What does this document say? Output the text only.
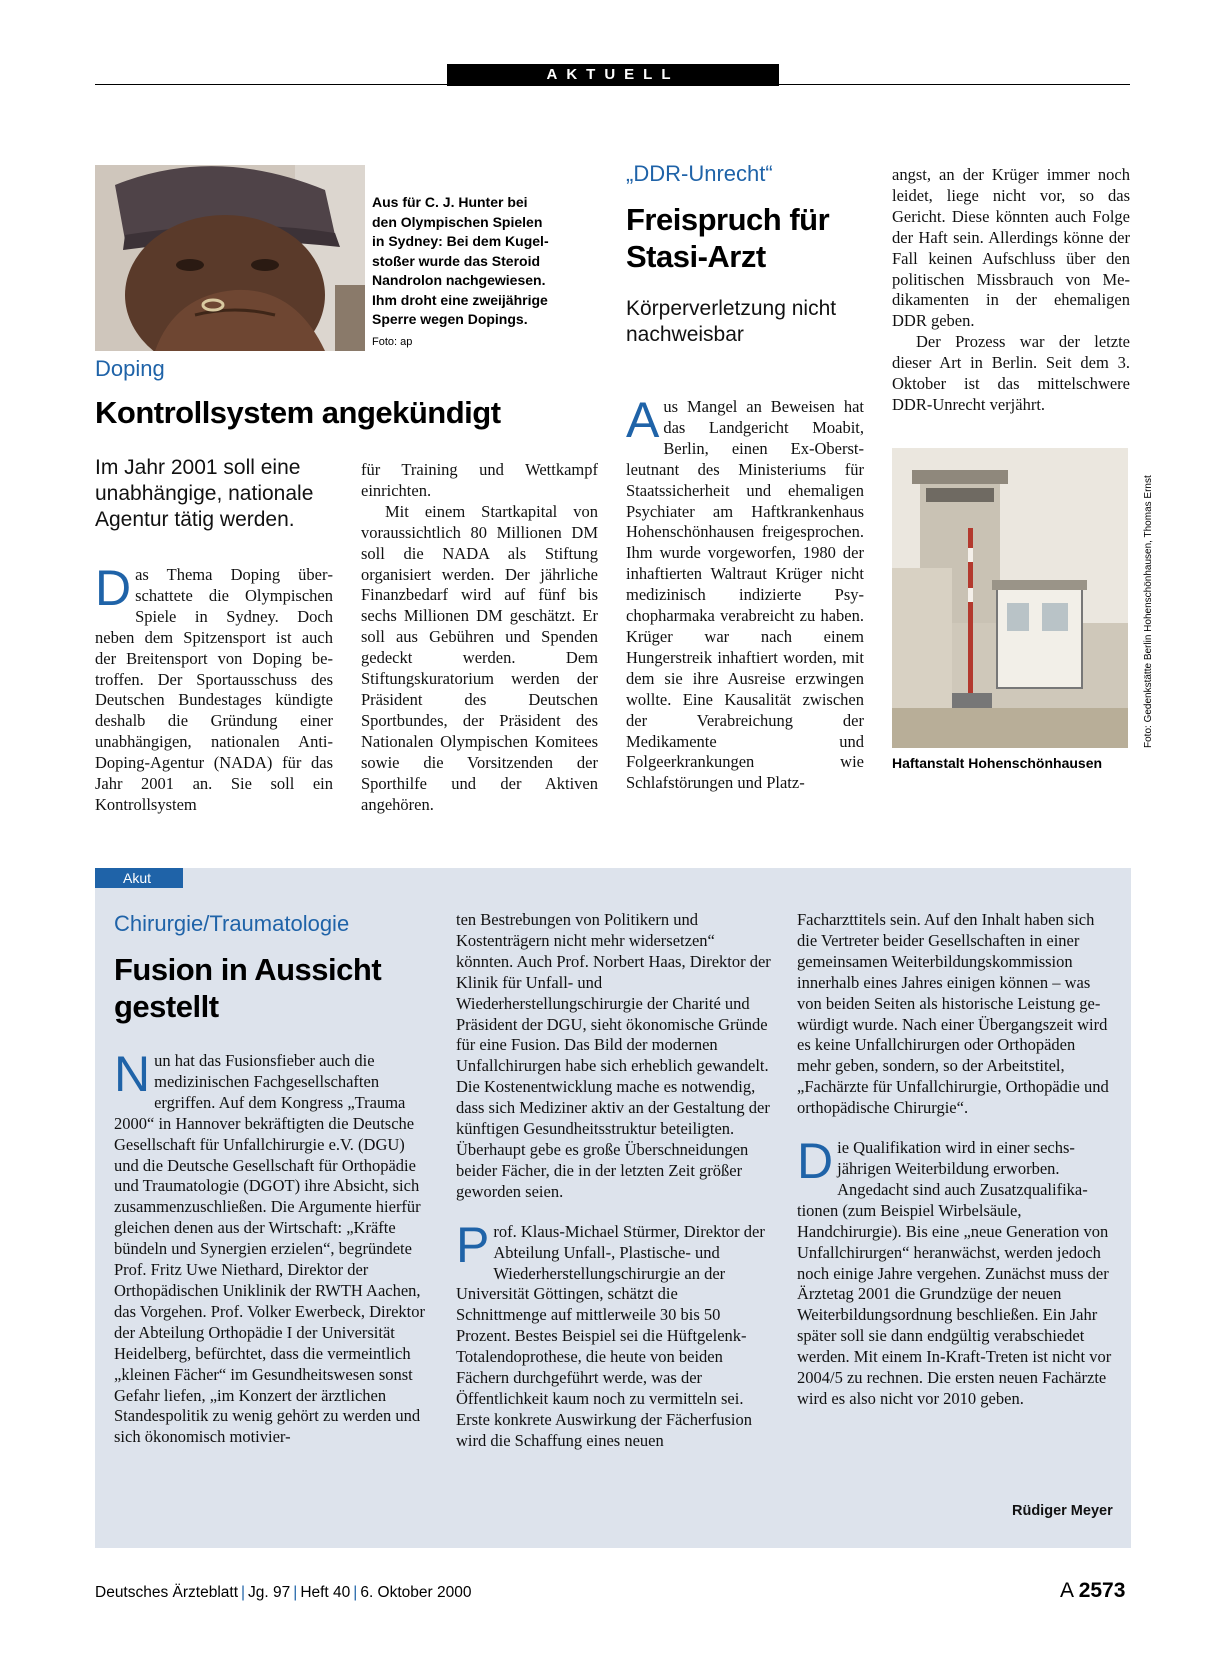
AKTUELL
Aus für C. J. Hunter bei den Olympischen Spielen in Sydney: Bei dem Kugelstoßer wurde das Steroid Nandrolon nachgewiesen. Ihm droht eine zweijährige Sperre wegen Dopings.
Foto: ap
Doping
Kontrollsystem angekündigt
Im Jahr 2001 soll eine unabhängige, nationale Agentur tätig werden.

Das Thema Doping überschattete die Olympischen Spiele in Sydney. Doch neben dem Spitzensport ist auch der Breitensport von Doping betroffen. Der Sportausschuss des Deutschen Bundestages kündigte deshalb die Gründung einer unabhängigen, nationalen Anti-Doping-Agentur (NADA) für das Jahr 2001 an. Sie soll ein Kontrollsystem

für Training und Wettkampf einrichten.

Mit einem Startkapital von voraussichtlich 80 Millionen DM soll die NADA als Stiftung organisiert werden. Der jährliche Finanzbedarf wird auf fünf bis sechs Millionen DM geschätzt. Er soll aus Gebühren und Spenden gedeckt werden. Dem Stiftungskuratorium werden der Präsident des Deutschen Sportbundes, der Präsident des Nationalen Olympischen Komitees sowie die Vorsitzenden der Sporthilfe und der Aktiven angehören.

„DDR-Unrecht“
Freispruch für Stasi-Arzt
Körperverletzung nicht nachweisbar

Aus Mangel an Beweisen hat das Landgericht Moabit, Berlin, einen Ex-Oberstleutnant des Ministeriums für Staatssicherheit und ehemaligen Psychiater am Haftkrankenhaus Hohenschönhausen freigesprochen. Ihm wurde vorgeworfen, 1980 der inhaftierten Waltraut Krüger nicht medizinisch indizierte Psychopharmaka verabreicht zu haben. Krüger war nach einem Hungerstreik inhaftiert worden, mit dem sie ihre Ausreise erzwingen wollte. Eine Kausalität zwischen der Verabreichung der Medikamente und Folgeerkrankungen wie Schlafstörungen und Platz-

angst, an der Krüger immer noch leidet, liege nicht vor, so das Gericht. Diese könnten auch Folge der Haft sein. Allerdings könne der Fall keinen Aufschluss über den politischen Missbrauch von Medikamenten in der ehemaligen DDR geben.

Der Prozess war der letzte dieser Art in Berlin. Seit dem 3. Oktober ist das mittelschwere DDR-Unrecht verjährt.

Foto: Gedenkstätte Berlin Hohenschönhausen, Thomas Ernst
Haftanstalt Hohenschönhausen
Akut
Chirurgie/Traumatologie
Fusion in Aussicht gestellt

Nun hat das Fusionsfieber auch die medizinischen Fachgesellschaften ergriffen. Auf dem Kongress „Trauma 2000“ in Hannover bekräftigten die Deutsche Gesellschaft für Unfallchirurgie e.V. (DGU) und die Deutsche Gesellschaft für Orthopädie und Traumatologie (DGOT) ihre Absicht, sich zusammenzuschließen. Die Argumente hierfür gleichen denen aus der Wirtschaft: „Kräfte bündeln und Synergien erzielen“, begründete Prof. Fritz Uwe Niethard, Direktor der Orthopädischen Uniklinik der RWTH Aachen, das Vorgehen. Prof. Volker Ewerbeck, Direktor der Abteilung Orthopädie I der Universität Heidelberg, befürchtet, dass die vermeintlich „kleinen Fächer“ im Gesundheitswesen sonst Gefahr liefen, „im Konzert der ärztlichen Standespolitik zu wenig gehört zu werden und sich ökonomisch motivier-

ten Bestrebungen von Politikern und Kostenträgern nicht mehr widersetzen“ könnten. Auch Prof. Norbert Haas, Direktor der Klinik für Unfall- und Wiederherstellungschirurgie der Charité und Präsident der DGU, sieht ökonomische Gründe für eine Fusion. Das Bild der modernen Unfallchirurgen habe sich erheblich gewandelt. Die Kostenentwicklung mache es notwendig, dass sich Mediziner aktiv an der Gestaltung der künftigen Gesundheitsstruktur beteiligten. Überhaupt gebe es große Überschneidungen beider Fächer, die in der letzten Zeit größer geworden seien.

Prof. Klaus-Michael Stürmer, Direktor der Abteilung Unfall-, Plastische- und Wiederherstellungschirurgie an der Universität Göttingen, schätzt die Schnittmenge auf mittlerweile 30 bis 50 Prozent. Bestes Beispiel sei die Hüftgelenk-Totalendoprothese, die heute von beiden Fächern durchgeführt werde, was der Öffentlichkeit kaum noch zu vermitteln sei. Erste konkrete Auswirkung der Fächerfusion wird die Schaffung eines neuen

Facharzttitels sein. Auf den Inhalt haben sich die Vertreter beider Gesellschaften in einer gemeinsamen Weiterbildungskommission innerhalb eines Jahres einigen können – was von beiden Seiten als historische Leistung gewürdigt wurde. Nach einer Übergangszeit wird es keine Unfallchirurgen oder Orthopäden mehr geben, sondern, so der Arbeitstitel, „Fachärzte für Unfallchirurgie, Orthopädie und orthopädische Chirurgie“.

Die Qualifikation wird in einer sechsjährigen Weiterbildung erworben. Angedacht sind auch Zusatzqualifikationen (zum Beispiel Wirbelsäule, Handchirurgie). Bis eine „neue Generation von Unfallchirurgen“ heranwächst, werden jedoch noch einige Jahre vergehen. Zunächst muss der Ärztetag 2001 die Grundzüge der neuen Weiterbildungsordnung beschließen. Ein Jahr später soll sie dann endgültig verabschiedet werden. Mit einem In-Kraft-Treten ist nicht vor 2004/5 zu rechnen. Die ersten neuen Fachärzte wird es also nicht vor 2010 geben.

Rüdiger Meyer
Deutsches Ärzteblatt | Jg. 97 | Heft 40 | 6. Oktober 2000	A 2573
